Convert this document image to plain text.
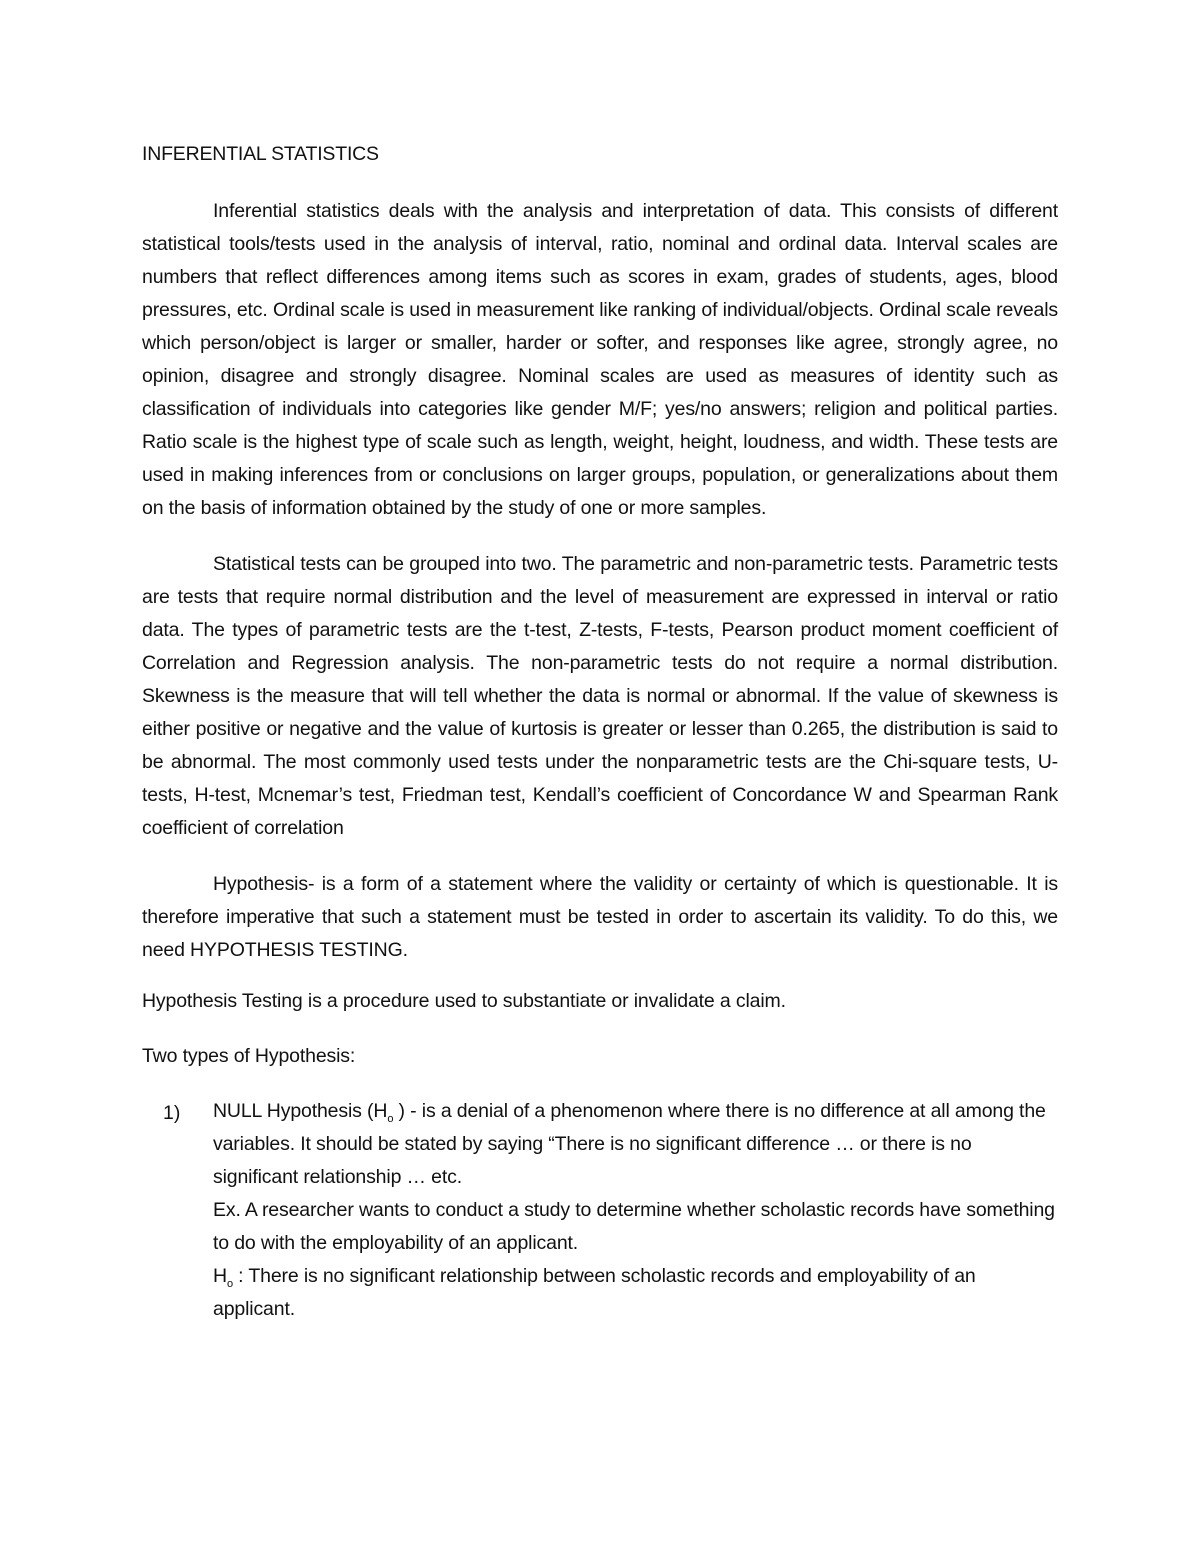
INFERENTIAL STATISTICS

Inferential statistics deals with the analysis and interpretation of data. This consists of different statistical tools/tests used in the analysis of interval, ratio, nominal and ordinal data. Interval scales are numbers that reflect differences among items such as scores in exam, grades of students, ages, blood pressures, etc. Ordinal scale is used in measurement like ranking of individual/objects. Ordinal scale reveals which person/object is larger or smaller, harder or softer, and responses like agree, strongly agree, no opinion, disagree and strongly disagree. Nominal scales are used as measures of identity such as classification of individuals into categories like gender M/F; yes/no answers; religion and political parties. Ratio scale is the highest type of scale such as length, weight, height, loudness, and width. These tests are used in making inferences from or conclusions on larger groups, population, or generalizations about them on the basis of information obtained by the study of one or more samples.

Statistical tests can be grouped into two. The parametric and non-parametric tests. Parametric tests are tests that require normal distribution and the level of measurement are expressed in interval or ratio data. The types of parametric tests are the t-test, Z-tests, F-tests, Pearson product moment coefficient of Correlation and Regression analysis. The non-parametric tests do not require a normal distribution. Skewness is the measure that will tell whether the data is normal or abnormal. If the value of skewness is either positive or negative and the value of kurtosis is greater or lesser than 0.265, the distribution is said to be abnormal. The most commonly used tests under the nonparametric tests are the Chi-square tests, U-tests, H-test, Mcnemar’s test, Friedman test, Kendall’s coefficient of Concordance W and Spearman Rank coefficient of correlation

Hypothesis- is a form of a statement where the validity or certainty of which is questionable. It is therefore imperative that such a statement must be tested in order to ascertain its validity. To do this, we need HYPOTHESIS TESTING.

Hypothesis Testing is a procedure used to substantiate or invalidate a claim.

Two types of Hypothesis:

1) NULL Hypothesis ($H_o$ ) - is a denial of a phenomenon where there is no difference at all among the variables. It should be stated by saying “There is no significant difference … or there is no significant relationship … etc.

Ex. A researcher wants to conduct a study to determine whether scholastic records have something to do with the employability of an applicant.

$H_o$ : There is no significant relationship between scholastic records and employability of an applicant.
